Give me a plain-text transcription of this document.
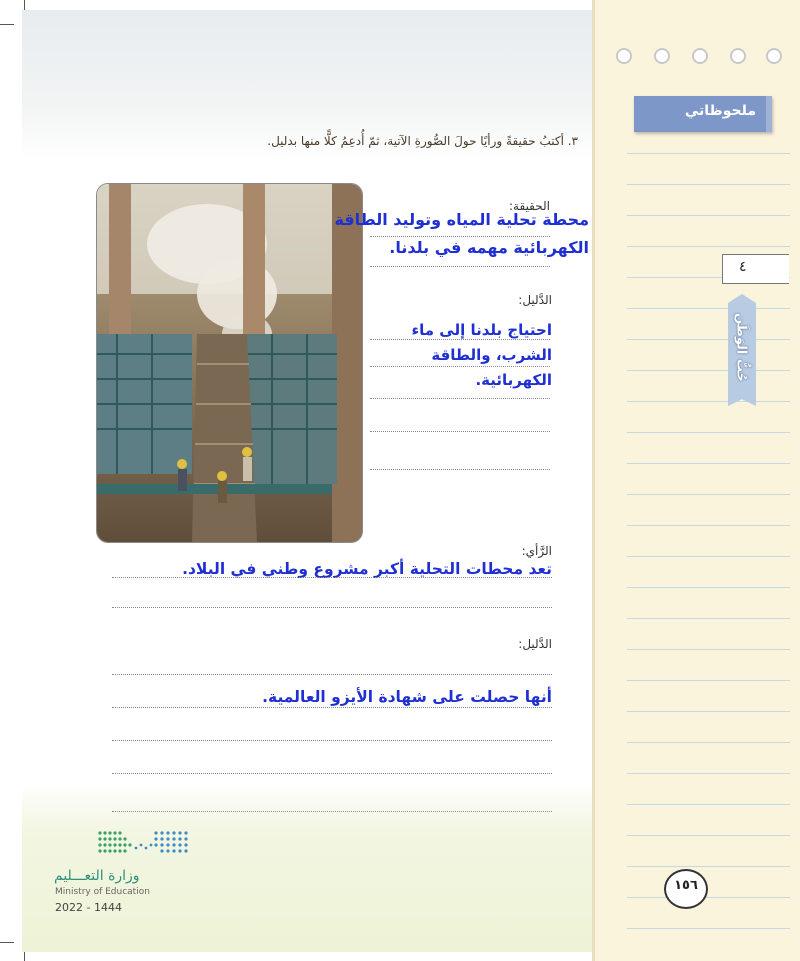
ملحوظاتي
٤
حُبُّ الوَطَن
٣. أكتبُ حقيقةً ورأيًا حولَ الصُّورةِ الآتية، ثمّ أُدعِمُ كلًّا منها بدليل.
الحقيقة:
محطة تحلية المياه وتوليد الطاقة
الكهربائية مهمه في بلدنا.
الدَّليل:
احتياج بلدنا إلى ماء
الشرب، والطاقة
الكهربائية.
الرَّأي:
تعد محطات التحلية أكبر مشروع وطني في البلاد.
الدَّليل:
أنها حصلت على شهادة الأيزو العالمية.
وزارة التعـــليم
Ministry of Education
2022 - 1444
١٥٦
